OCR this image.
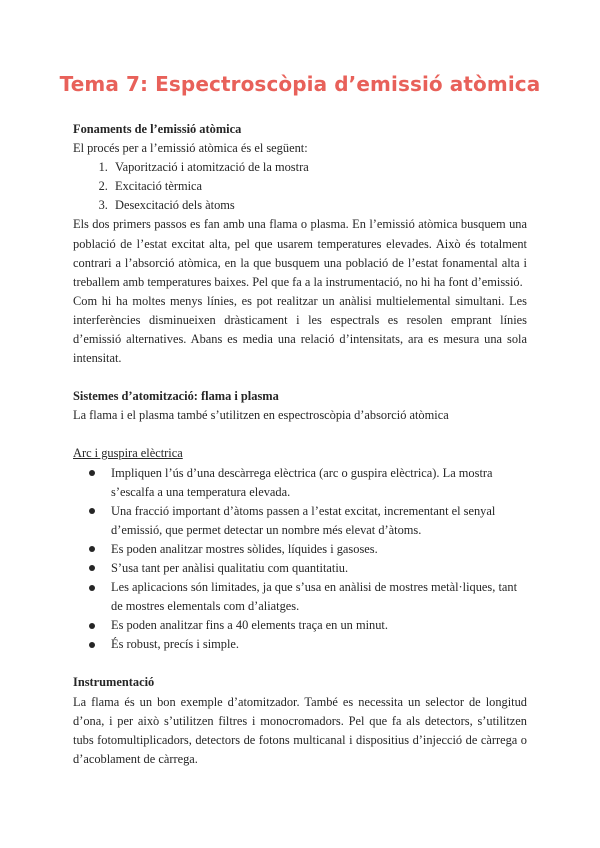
Tema 7: Espectroscòpia d’emissió atòmica

Fonaments de l’emissió atòmica

El procés per a l’emissió atòmica és el següent:

1. Vaporització i atomització de la mostra
2. Excitació tèrmica
3. Desexcitació dels àtoms

Els dos primers passos es fan amb una flama o plasma. En l’emissió atòmica busquem una població de l’estat excitat alta, pel que usarem temperatures elevades. Això és totalment contrari a l’absorció atòmica, en la que busquem una població de l’estat fonamental alta i treballem amb temperatures baixes. Pel que fa a la instrumentació, no hi ha font d’emissió.

Com hi ha moltes menys línies, es pot realitzar un anàlisi multielemental simultani. Les interferències disminueixen dràsticament i les espectrals es resolen emprant línies d’emissió alternatives. Abans es media una relació d’intensitats, ara es mesura una sola intensitat.

Sistemes d’atomització: flama i plasma

La flama i el plasma també s’utilitzen en espectroscòpia d’absorció atòmica

Arc i guspira elèctrica

Impliquen l’ús d’una descàrrega elèctrica (arc o guspira elèctrica). La mostra s’escalfa a una temperatura elevada.
Una fracció important d’àtoms passen a l’estat excitat, incrementant el senyal d’emissió, que permet detectar un nombre més elevat d’àtoms.
Es poden analitzar mostres sòlides, líquides i gasoses.
S’usa tant per anàlisi qualitatiu com quantitatiu.
Les aplicacions són limitades, ja que s’usa en anàlisi de mostres metàl·liques, tant de mostres elementals com d’aliatges.
Es poden analitzar fins a 40 elements traça en un minut.
És robust, precís i simple.

Instrumentació

La flama és un bon exemple d’atomitzador. També es necessita un selector de longitud d’ona, i per això s’utilitzen filtres i monocromadors. Pel que fa als detectors, s’utilitzen tubs fotomultiplicadors, detectors de fotons multicanal i dispositius d’injecció de càrrega o d’acoblament de càrrega.
